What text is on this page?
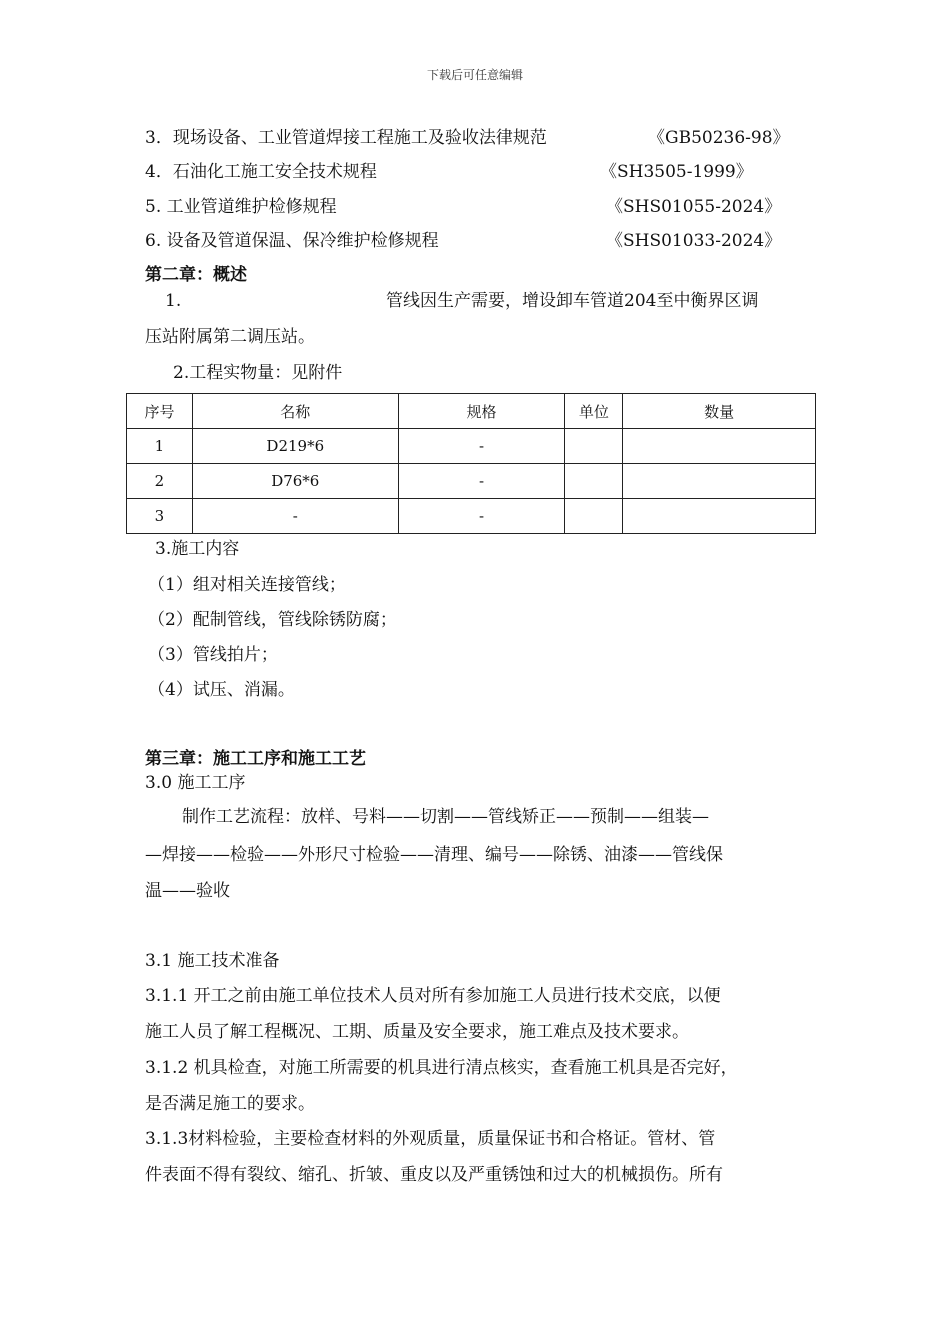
下载后可任意编辑
3．现场设备、工业管道焊接工程施工及验收法律规范	《GB50236-98》
4．石油化工施工安全技术规程	《SH3505-1999》
5. 工业管道维护检修规程	《SHS01055-2024》
6. 设备及管道保温、保冷维护检修规程	《SHS01033-2024》
第二章：概述
1.	管线因生产需要，增设卸车管道204至中衡界区调
压站附属第二调压站。
2.工程实物量：见附件
序号	名称	规格	单位	数量
1	D219*6	-		
2	D76*6	-		
3	-	-		
3.施工内容
（1）组对相关连接管线；
（2）配制管线，管线除锈防腐；
（3）管线拍片；
（4）试压、消漏。
第三章：施工工序和施工工艺
3.0 施工工序
制作工艺流程：放样、号料——切割——管线矫正——预制——组装—
—焊接——检验——外形尺寸检验——清理、编号——除锈、油漆——管线保
温——验收
3.1 施工技术准备
3.1.1 开工之前由施工单位技术人员对所有参加施工人员进行技术交底，以便
施工人员了解工程概况、工期、质量及安全要求，施工难点及技术要求。
3.1.2 机具检查，对施工所需要的机具进行清点核实，查看施工机具是否完好，
是否满足施工的要求。
3.1.3材料检验，主要检查材料的外观质量，质量保证书和合格证。管材、管
件表面不得有裂纹、缩孔、折皱、重皮以及严重锈蚀和过大的机械损伤。所有
